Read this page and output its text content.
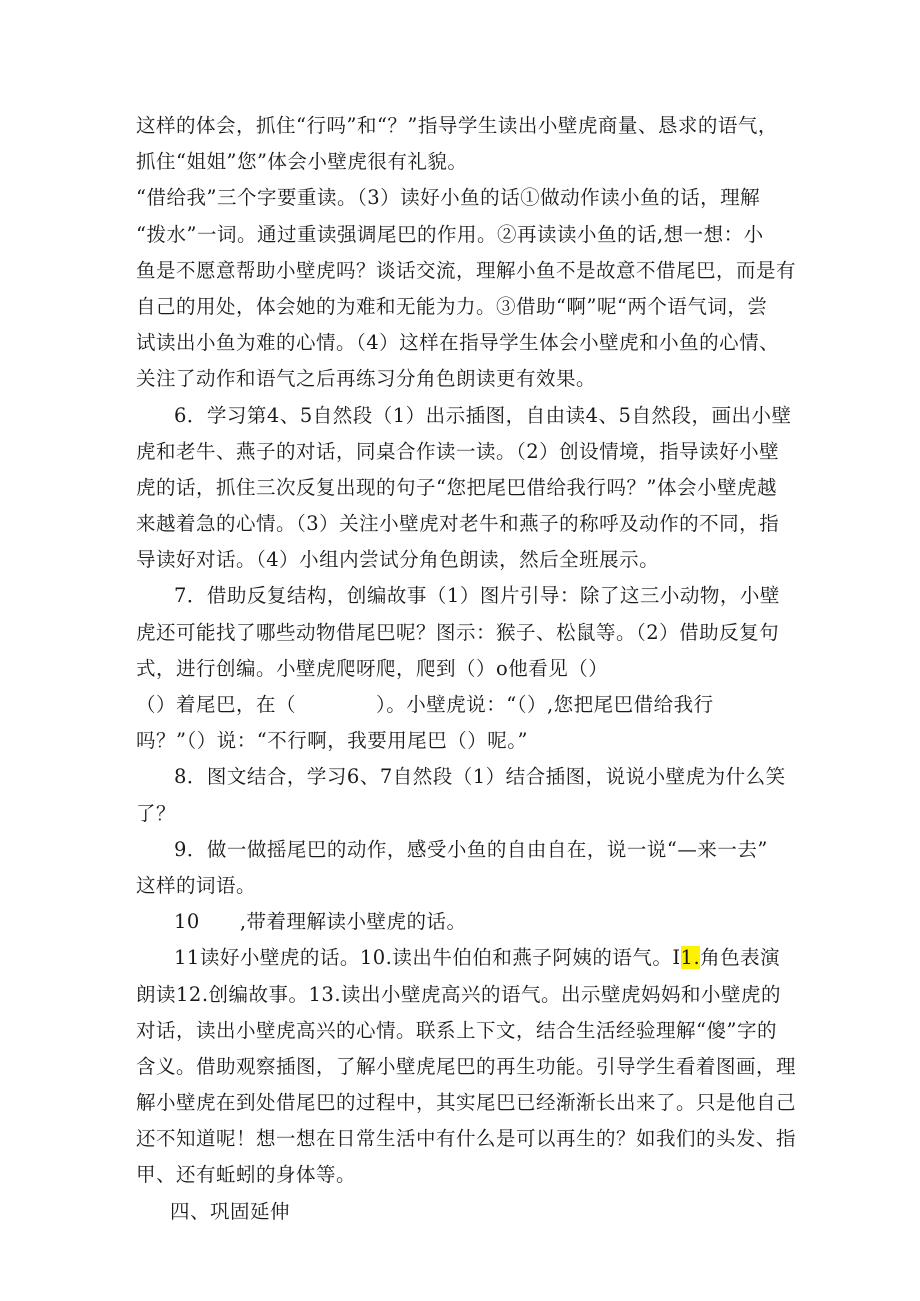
这样的体会，抓住“行吗”和“？”指导学生读出小壁虎商量、恳求的语气，
抓住“姐姐”您”体会小壁虎很有礼貌。
“借给我”三个字要重读。（3）读好小鱼的话①做动作读小鱼的话，理解
“拨水”一词。通过重读强调尾巴的作用。②再读读小鱼的话,想一想：小
鱼是不愿意帮助小壁虎吗？谈话交流，理解小鱼不是故意不借尾巴，而是有
自己的用处，体会她的为难和无能为力。③借助“啊”呢“两个语气词，尝
试读出小鱼为难的心情。（4）这样在指导学生体会小壁虎和小鱼的心情、
关注了动作和语气之后再练习分角色朗读更有效果。
6．学习第4、5自然段（1）出示插图，自由读4、5自然段，画出小壁
虎和老牛、燕子的对话，同桌合作读一读。（2）创设情境，指导读好小壁
虎的话，抓住三次反复出现的句子“您把尾巴借给我行吗？”体会小壁虎越
来越着急的心情。（3）关注小壁虎对老牛和燕子的称呼及动作的不同，指
导读好对话。（4）小组内尝试分角色朗读，然后全班展示。
7．借助反复结构，创编故事（1）图片引导：除了这三小动物，小壁
虎还可能找了哪些动物借尾巴呢？图示：猴子、松鼠等。（2）借助反复句
式，进行创编。小壁虎爬呀爬，爬到（）o他看见（）
（）着尾巴，在（　　　　）。小壁虎说：“（）,您把尾巴借给我行
吗？”（）说：“不行啊，我要用尾巴（）呢。”
8．图文结合，学习6、7自然段（1）结合插图，说说小壁虎为什么笑
了？
9．做一做摇尾巴的动作，感受小鱼的自由自在，说一说“—来一去”
这样的词语。
10　　,带着理解读小壁虎的话。
11读好小壁虎的话。10.读出牛伯伯和燕子阿姨的语气。I1.角色表演
朗读12.创编故事。13.读出小壁虎高兴的语气。出示壁虎妈妈和小壁虎的
对话，读出小壁虎高兴的心情。联系上下文，结合生活经验理解“傻”字的
含义。借助观察插图，了解小壁虎尾巴的再生功能。引导学生看着图画，理
解小壁虎在到处借尾巴的过程中，其实尾巴已经渐渐长出来了。只是他自己
还不知道呢！想一想在日常生活中有什么是可以再生的？如我们的头发、指
甲、还有蚯蚓的身体等。
四、巩固延伸
